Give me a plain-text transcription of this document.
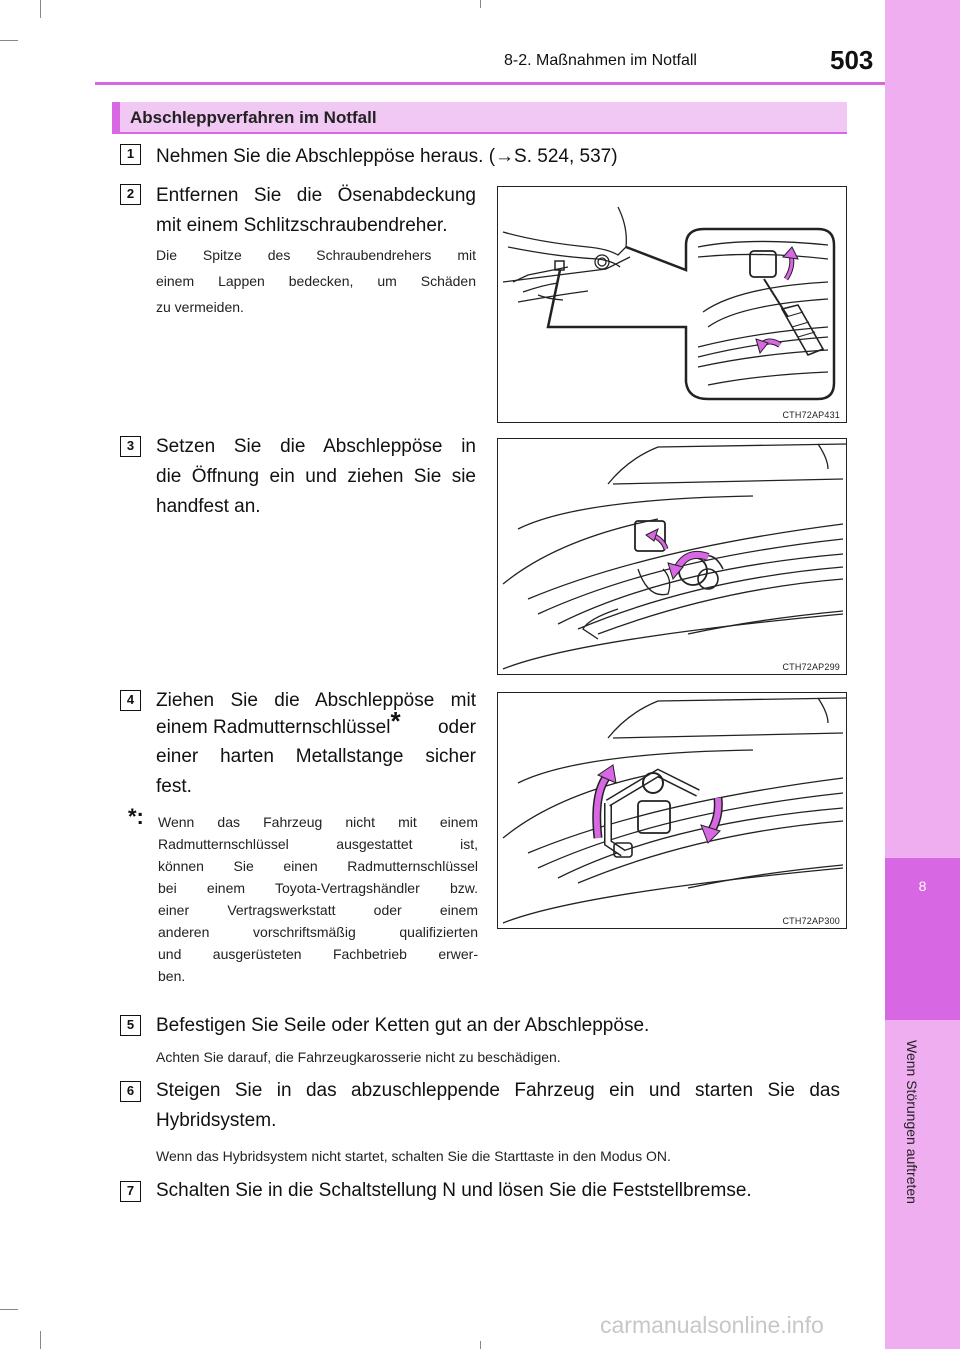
8
Wenn Störungen auftreten
8-2. Maßnahmen im Notfall	503
Abschleppverfahren im Notfall
1	Nehmen Sie die Abschleppöse heraus. (→S. 524, 537)
2	Entfernen Sie die Ösenabdeckung
mit einem Schlitzschraubendreher.
Die Spitze des Schraubendrehers mit
einem Lappen bedecken, um Schäden
zu vermeiden.
CTH72AP431
3	Setzen Sie die Abschleppöse in
die Öffnung ein und ziehen Sie sie
handfest an.
CTH72AP299
4	Ziehen Sie die Abschleppöse mit
einem Radmutternschlüssel* oder
einer harten Metallstange sicher
fest.
*: Wenn das Fahrzeug nicht mit einem
Radmutternschlüssel ausgestattet ist,
können Sie einen Radmutternschlüssel
bei einem Toyota-Vertragshändler bzw.
einer Vertragswerkstatt oder einem
anderen vorschriftsmäßig qualifizierten
und ausgerüsteten Fachbetrieb erwer-
ben.
CTH72AP300
5	Befestigen Sie Seile oder Ketten gut an der Abschleppöse.
Achten Sie darauf, die Fahrzeugkarosserie nicht zu beschädigen.
6	Steigen Sie in das abzuschleppende Fahrzeug ein und starten Sie das
Hybridsystem.
Wenn das Hybridsystem nicht startet, schalten Sie die Starttaste in den Modus ON.
7	Schalten Sie in die Schaltstellung N und lösen Sie die Feststellbremse.
carmanualsonline.info
